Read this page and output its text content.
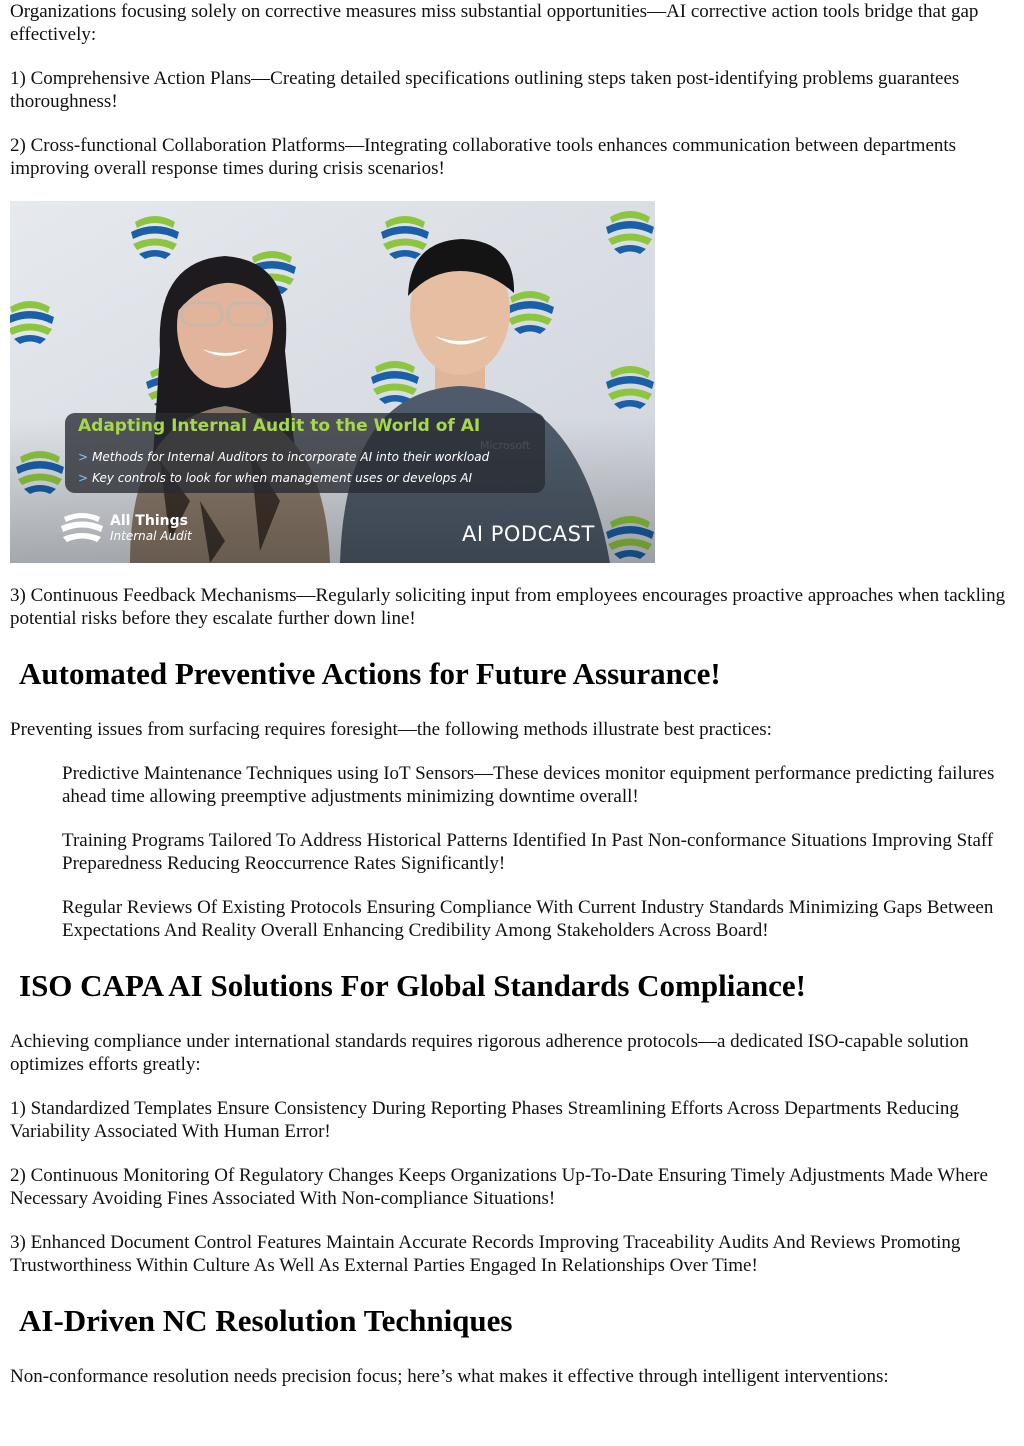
Organizations focusing solely on corrective measures miss substantial opportunities—AI corrective action tools bridge that gap effectively:

1) Comprehensive Action Plans—Creating detailed specifications outlining steps taken post-identifying problems guarantees thoroughness!

2) Cross-functional Collaboration Platforms—Integrating collaborative tools enhances communication between departments improving overall response times during crisis scenarios!

Adapting Internal Audit to the World of AI
> Methods for Internal Auditors to incorporate AI into their workload
> Key controls to look for when management uses or develops AI
All Things
Internal Audit	AI PODCAST

3) Continuous Feedback Mechanisms—Regularly soliciting input from employees encourages proactive approaches when tackling potential risks before they escalate further down line!

Automated Preventive Actions for Future Assurance!

Preventing issues from surfacing requires foresight—the following methods illustrate best practices:

Predictive Maintenance Techniques using IoT Sensors—These devices monitor equipment performance predicting failures ahead time allowing preemptive adjustments minimizing downtime overall!

Training Programs Tailored To Address Historical Patterns Identified In Past Non-conformance Situations Improving Staff Preparedness Reducing Reoccurrence Rates Significantly!

Regular Reviews Of Existing Protocols Ensuring Compliance With Current Industry Standards Minimizing Gaps Between Expectations And Reality Overall Enhancing Credibility Among Stakeholders Across Board!

ISO CAPA AI Solutions For Global Standards Compliance!

Achieving compliance under international standards requires rigorous adherence protocols—a dedicated ISO-capable solution optimizes efforts greatly:

1) Standardized Templates Ensure Consistency During Reporting Phases Streamlining Efforts Across Departments Reducing Variability Associated With Human Error!

2) Continuous Monitoring Of Regulatory Changes Keeps Organizations Up-To-Date Ensuring Timely Adjustments Made Where Necessary Avoiding Fines Associated With Non-compliance Situations!

3) Enhanced Document Control Features Maintain Accurate Records Improving Traceability Audits And Reviews Promoting Trustworthiness Within Culture As Well As External Parties Engaged In Relationships Over Time!

AI-Driven NC Resolution Techniques

Non-conformance resolution needs precision focus; here’s what makes it effective through intelligent interventions:
